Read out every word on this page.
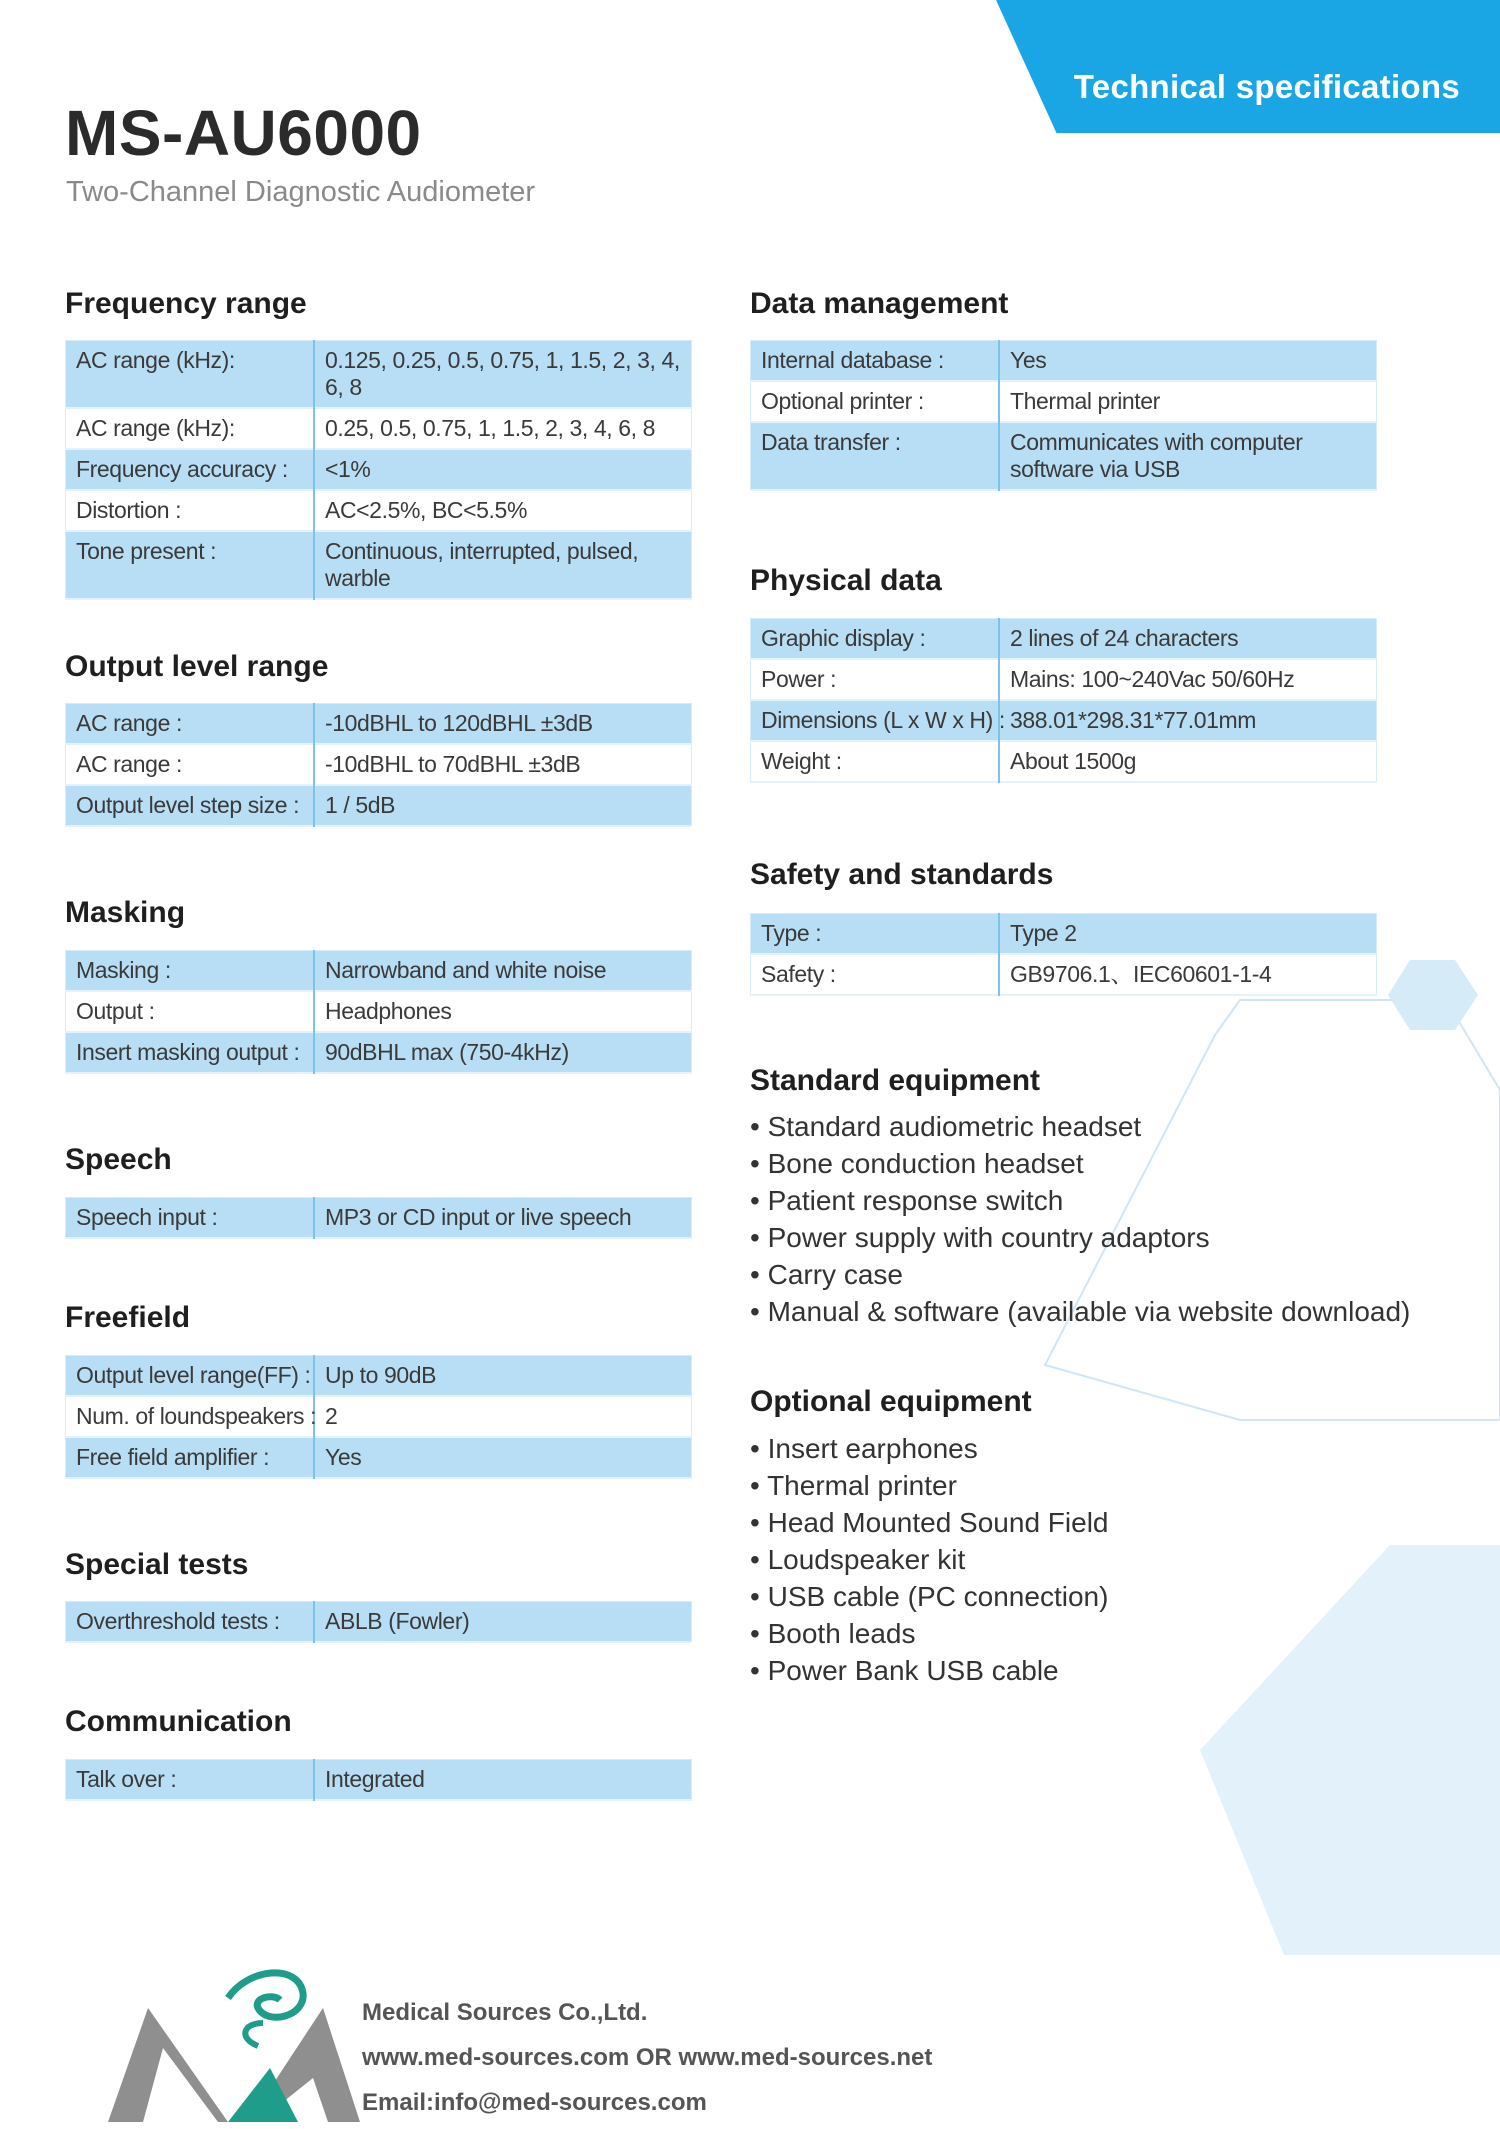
Technical specifications
MS-AU6000
Two-Channel Diagnostic Audiometer
Frequency range
AC range (kHz):	0.125, 0.25, 0.5, 0.75, 1, 1.5, 2, 3, 4, 6, 8
AC range (kHz):	0.25, 0.5, 0.75, 1, 1.5, 2, 3, 4, 6, 8
Frequency accuracy :	<1%
Distortion :	AC<2.5%, BC<5.5%
Tone present :	Continuous, interrupted, pulsed, warble
Output level range
AC range :	-10dBHL to 120dBHL ±3dB
AC range :	-10dBHL to 70dBHL ±3dB
Output level step size :	1 / 5dB
Masking
Masking :	Narrowband and white noise
Output :	Headphones
Insert masking output :	90dBHL max (750-4kHz)
Speech
Speech input :	MP3 or CD input or live speech
Freefield
Output level range(FF) :	Up to 90dB
Num. of loundspeakers :	2
Free field amplifier :	Yes
Special tests
Overthreshold tests :	ABLB (Fowler)
Communication
Talk over :	Integrated
Data management
Internal database :	Yes
Optional printer :	Thermal printer
Data transfer :	Communicates with computer software via USB
Physical data
Graphic display :	2 lines of 24 characters
Power :	Mains: 100~240Vac 50/60Hz
Dimensions (L x W x H) :	388.01*298.31*77.01mm
Weight :	About 1500g
Safety and standards
Type :	Type 2
Safety :	GB9706.1、IEC60601-1-4
Standard equipment
• Standard audiometric headset
• Bone conduction headset
• Patient response switch
• Power supply with country adaptors
• Carry case
• Manual & software (available via website download)
Optional equipment
• Insert earphones
• Thermal printer
• Head Mounted Sound Field
• Loudspeaker kit
• USB cable (PC connection)
• Booth leads
• Power Bank USB cable
Medical Sources Co.,Ltd.
www.med-sources.com OR www.med-sources.net
Email:info@med-sources.com
